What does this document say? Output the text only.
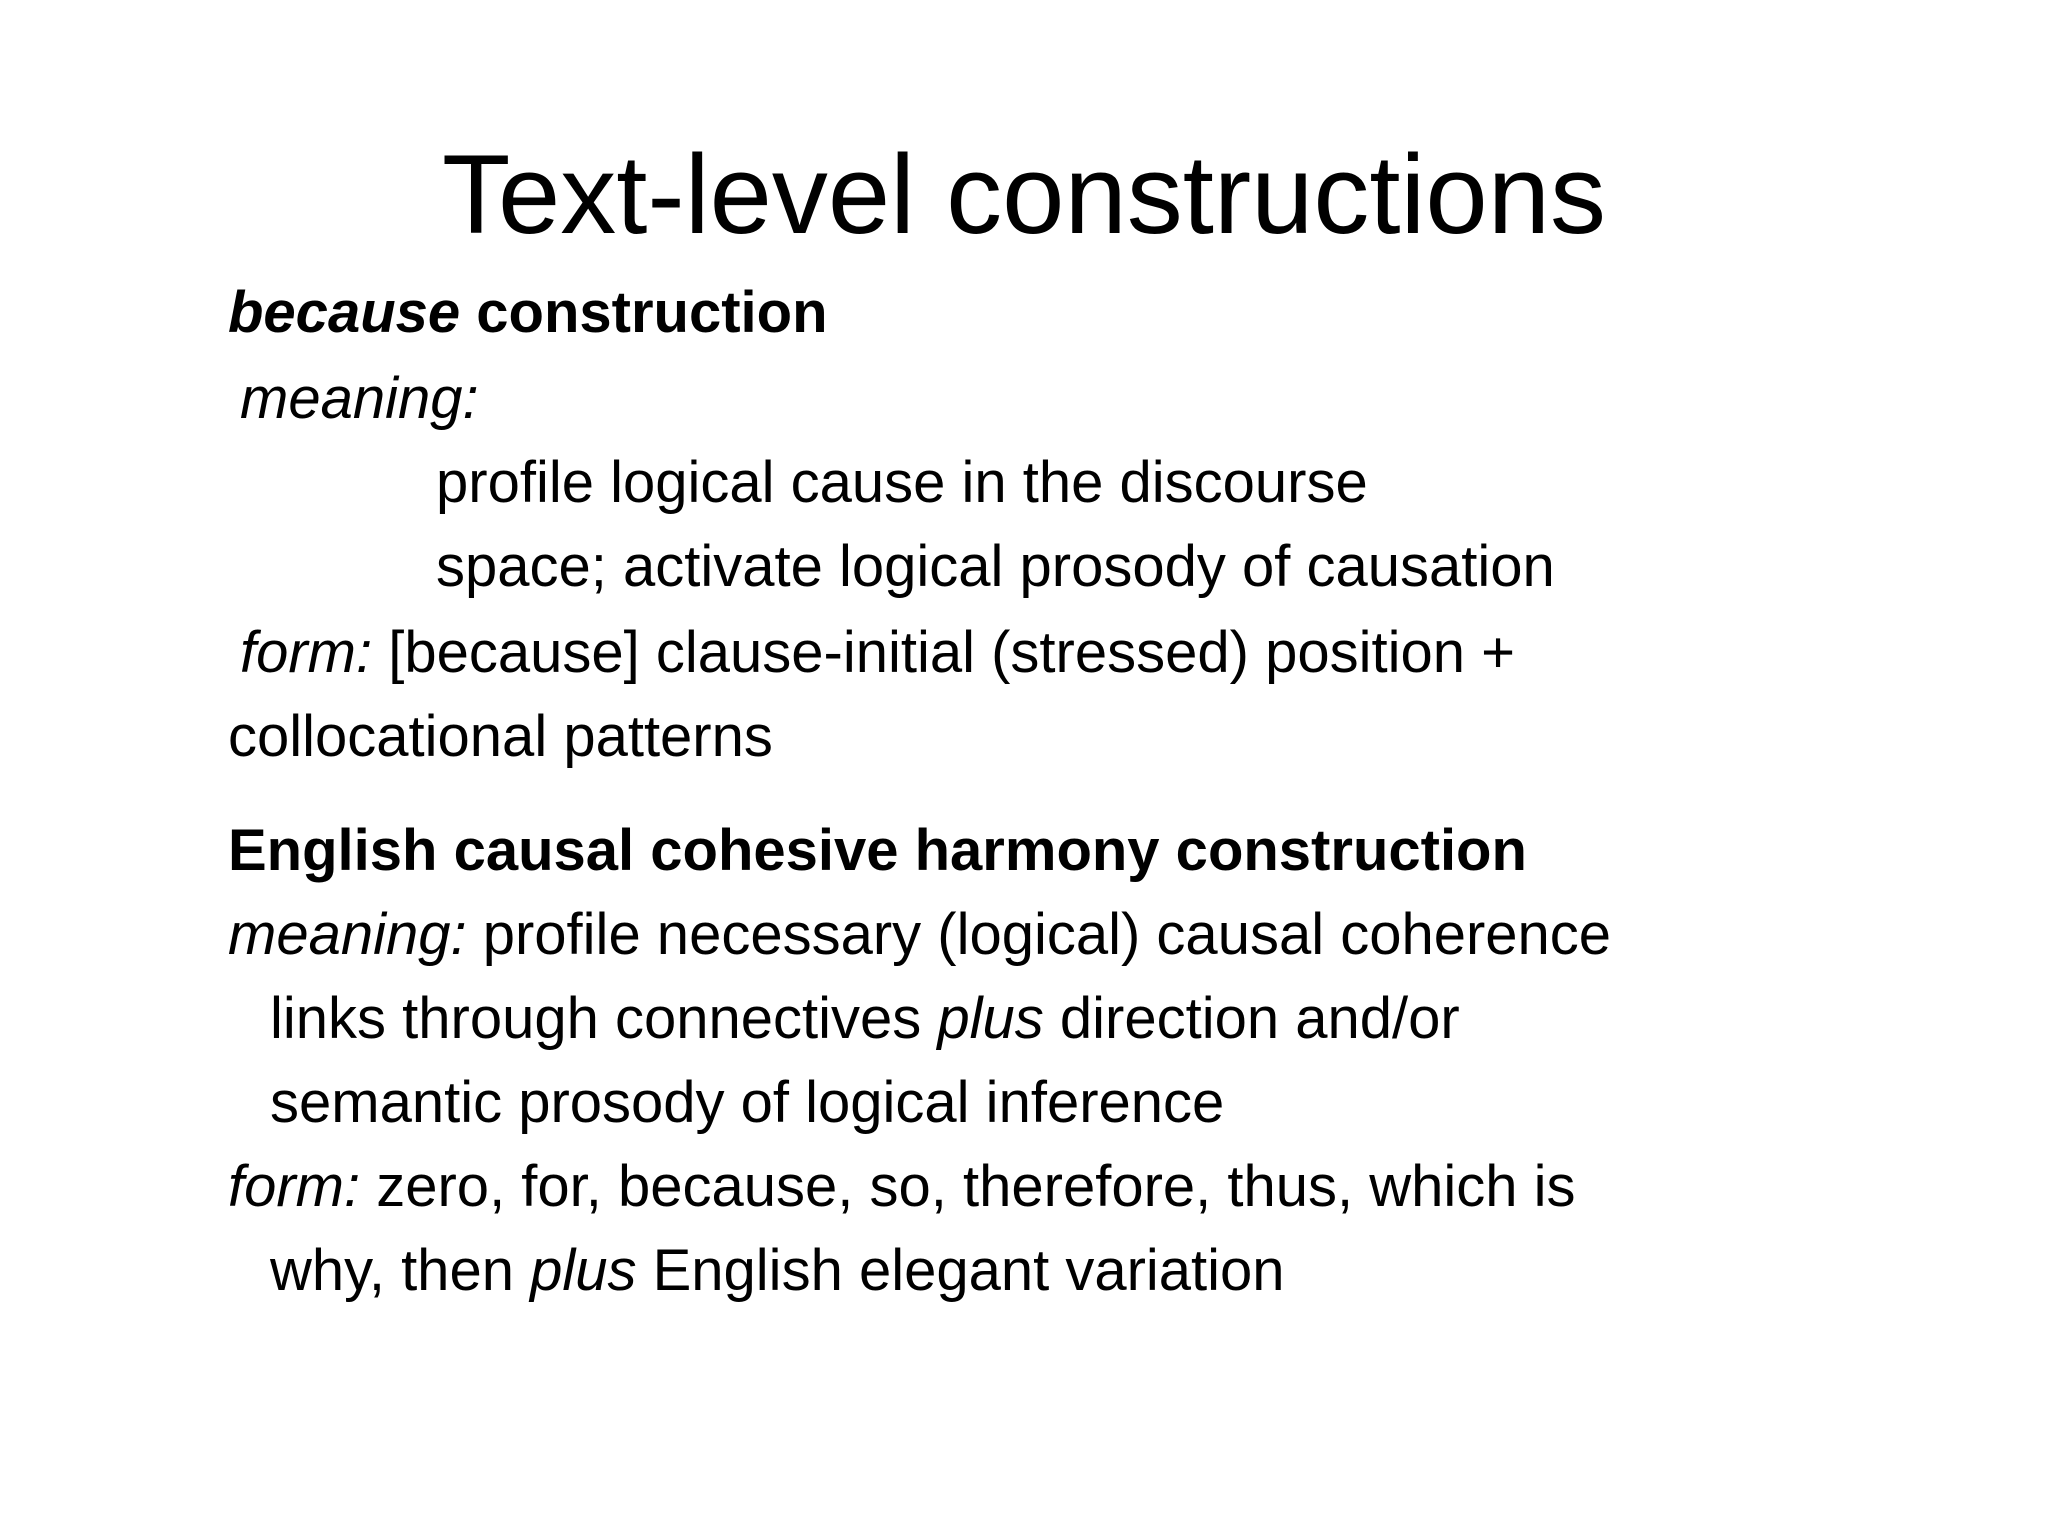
Text-level constructions
because construction
meaning:
profile logical cause in the discourse
space; activate logical prosody of causation
form: [because] clause-initial (stressed) position +
collocational patterns
English causal cohesive harmony construction
meaning: profile necessary (logical) causal coherence
links through connectives plus direction and/or
semantic prosody of logical inference
form: zero, for, because, so, therefore, thus, which is
why, then plus English elegant variation
